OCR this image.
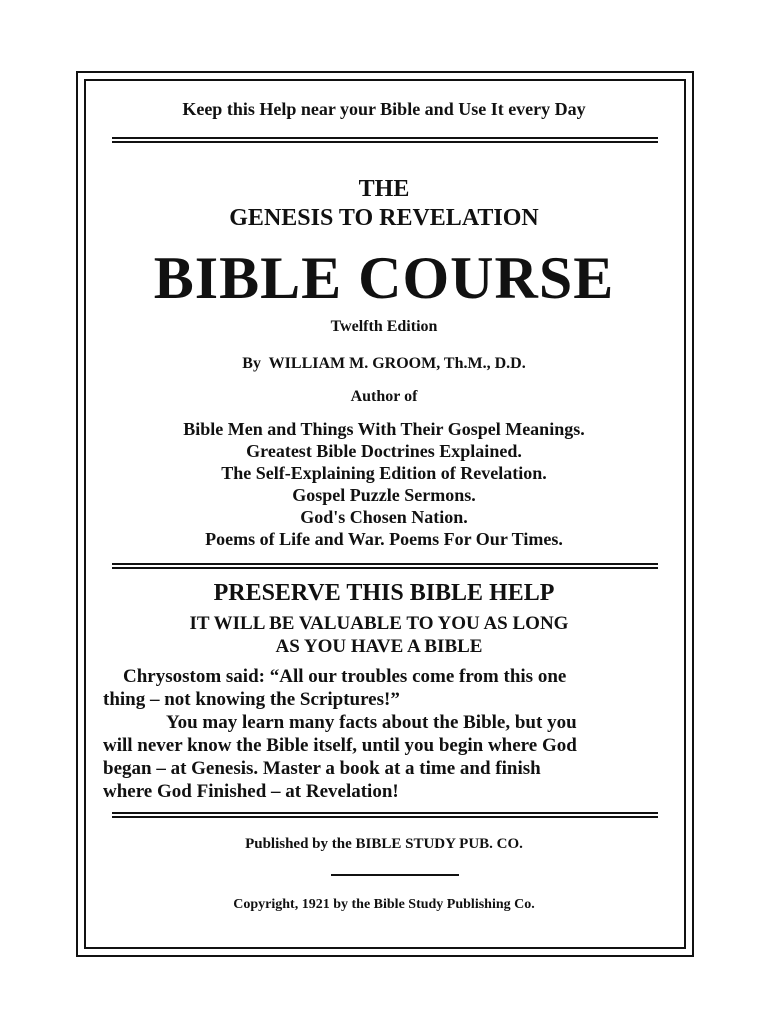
Keep this Help near your Bible and Use It every Day
THE
GENESIS TO REVELATION
BIBLE COURSE
Twelfth Edition
By  WILLIAM M. GROOM, Th.M., D.D.
Author of
Bible Men and Things With Their Gospel Meanings.
Greatest Bible Doctrines Explained.
The Self-Explaining Edition of Revelation.
Gospel Puzzle Sermons.
God's Chosen Nation.
Poems of Life and War. Poems For Our Times.
PRESERVE THIS BIBLE HELP
IT WILL BE VALUABLE TO YOU AS LONG
AS YOU HAVE A BIBLE
Chrysostom said: “All our troubles come from this one
thing – not knowing the Scriptures!”
You may learn many facts about the Bible, but you
will never know the Bible itself, until you begin where God
began – at Genesis. Master a book at a time and finish
where God Finished – at Revelation!
Published by the BIBLE STUDY PUB. CO.
Copyright, 1921 by the Bible Study Publishing Co.
